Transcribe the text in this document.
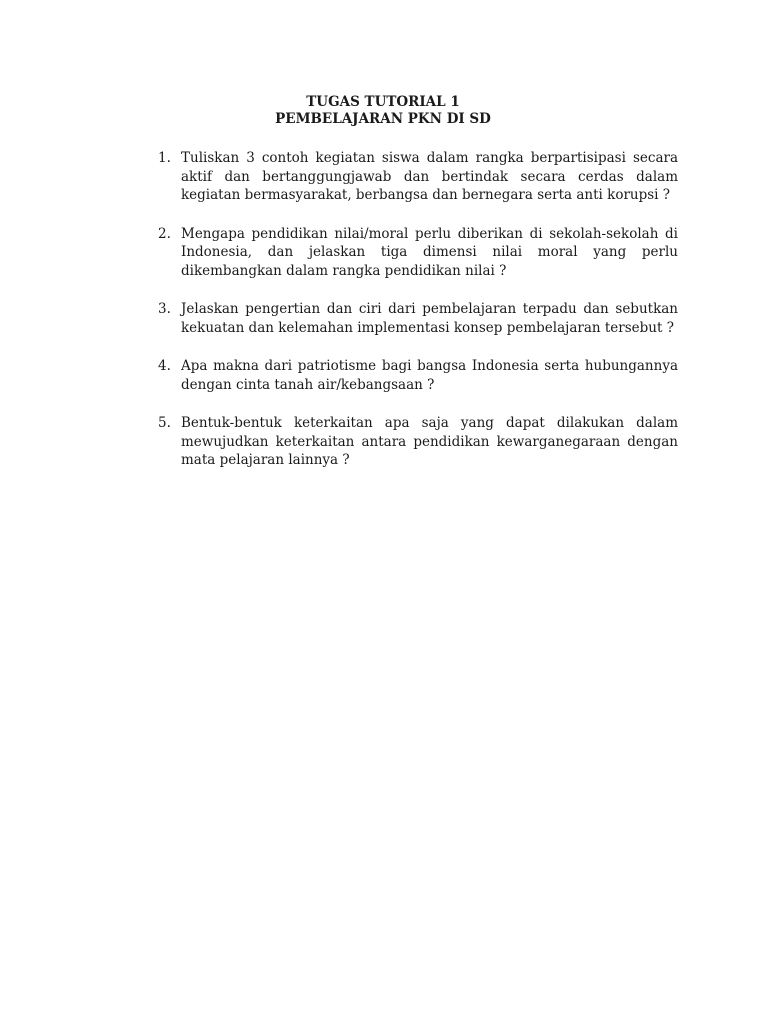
TUGAS TUTORIAL 1
PEMBELAJARAN PKN DI SD
1. Tuliskan 3 contoh kegiatan siswa dalam rangka berpartisipasi secara aktif dan bertanggungjawab dan bertindak secara cerdas dalam kegiatan bermasyarakat, berbangsa dan bernegara serta anti korupsi ?
2. Mengapa pendidikan nilai/moral perlu diberikan di sekolah-sekolah di Indonesia, dan jelaskan tiga dimensi nilai moral yang perlu dikembangkan dalam rangka pendidikan nilai ?
3. Jelaskan pengertian dan ciri dari pembelajaran terpadu dan sebutkan kekuatan dan kelemahan implementasi konsep pembelajaran tersebut ?
4. Apa makna dari patriotisme bagi bangsa Indonesia serta hubungannya dengan cinta tanah air/kebangsaan ?
5. Bentuk-bentuk keterkaitan apa saja yang dapat dilakukan dalam mewujudkan keterkaitan antara pendidikan kewarganegaraan dengan mata pelajaran lainnya ?
